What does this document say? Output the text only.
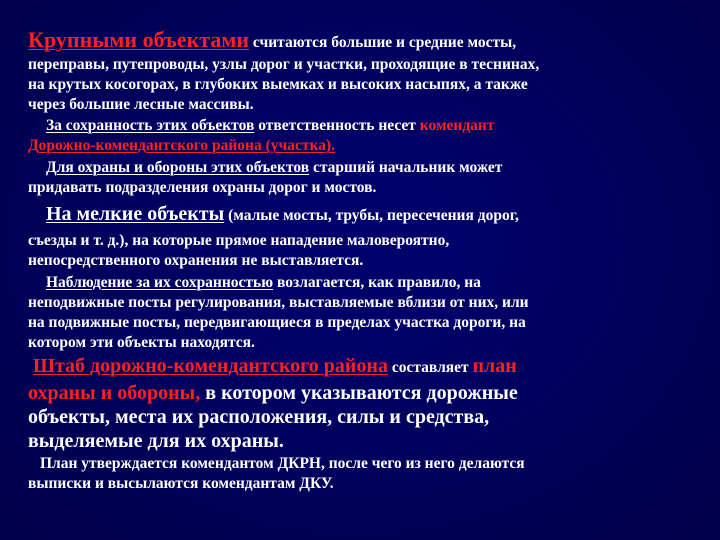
Крупными объектами считаются большие и средние мосты,
переправы, путепроводы, узлы дорог и участки, проходящие в теснинах,
на крутых косогорах, в глубоких выемках и высоких насыпях, а также
через большие лесные массивы.
За сохранность этих объектов ответственность несет комендант
Дорожно-комендантского района (участка).
Для охраны и обороны этих объектов старший начальник может
придавать подразделения охраны дорог и мостов.
На мелкие объекты (малые мосты, трубы, пересечения дорог,
съезды и т. д.), на которые прямое нападение маловероятно,
непосредственного охранения не выставляется.
Наблюдение за их сохранностью возлагается, как правило, на
неподвижные посты регулирования, выставляемые вблизи от них, или
на подвижные посты, передвигающиеся в пределах участка дороги, на
котором эти объекты находятся.
Штаб дорожно-комендантского района составляет план
охраны и обороны, в котором указываются дорожные
объекты, места их расположения, силы и средства,
выделяемые для их охраны.
План утверждается комендантом ДКРН, после чего из него делаются
выписки и высылаются комендантам ДКУ.
